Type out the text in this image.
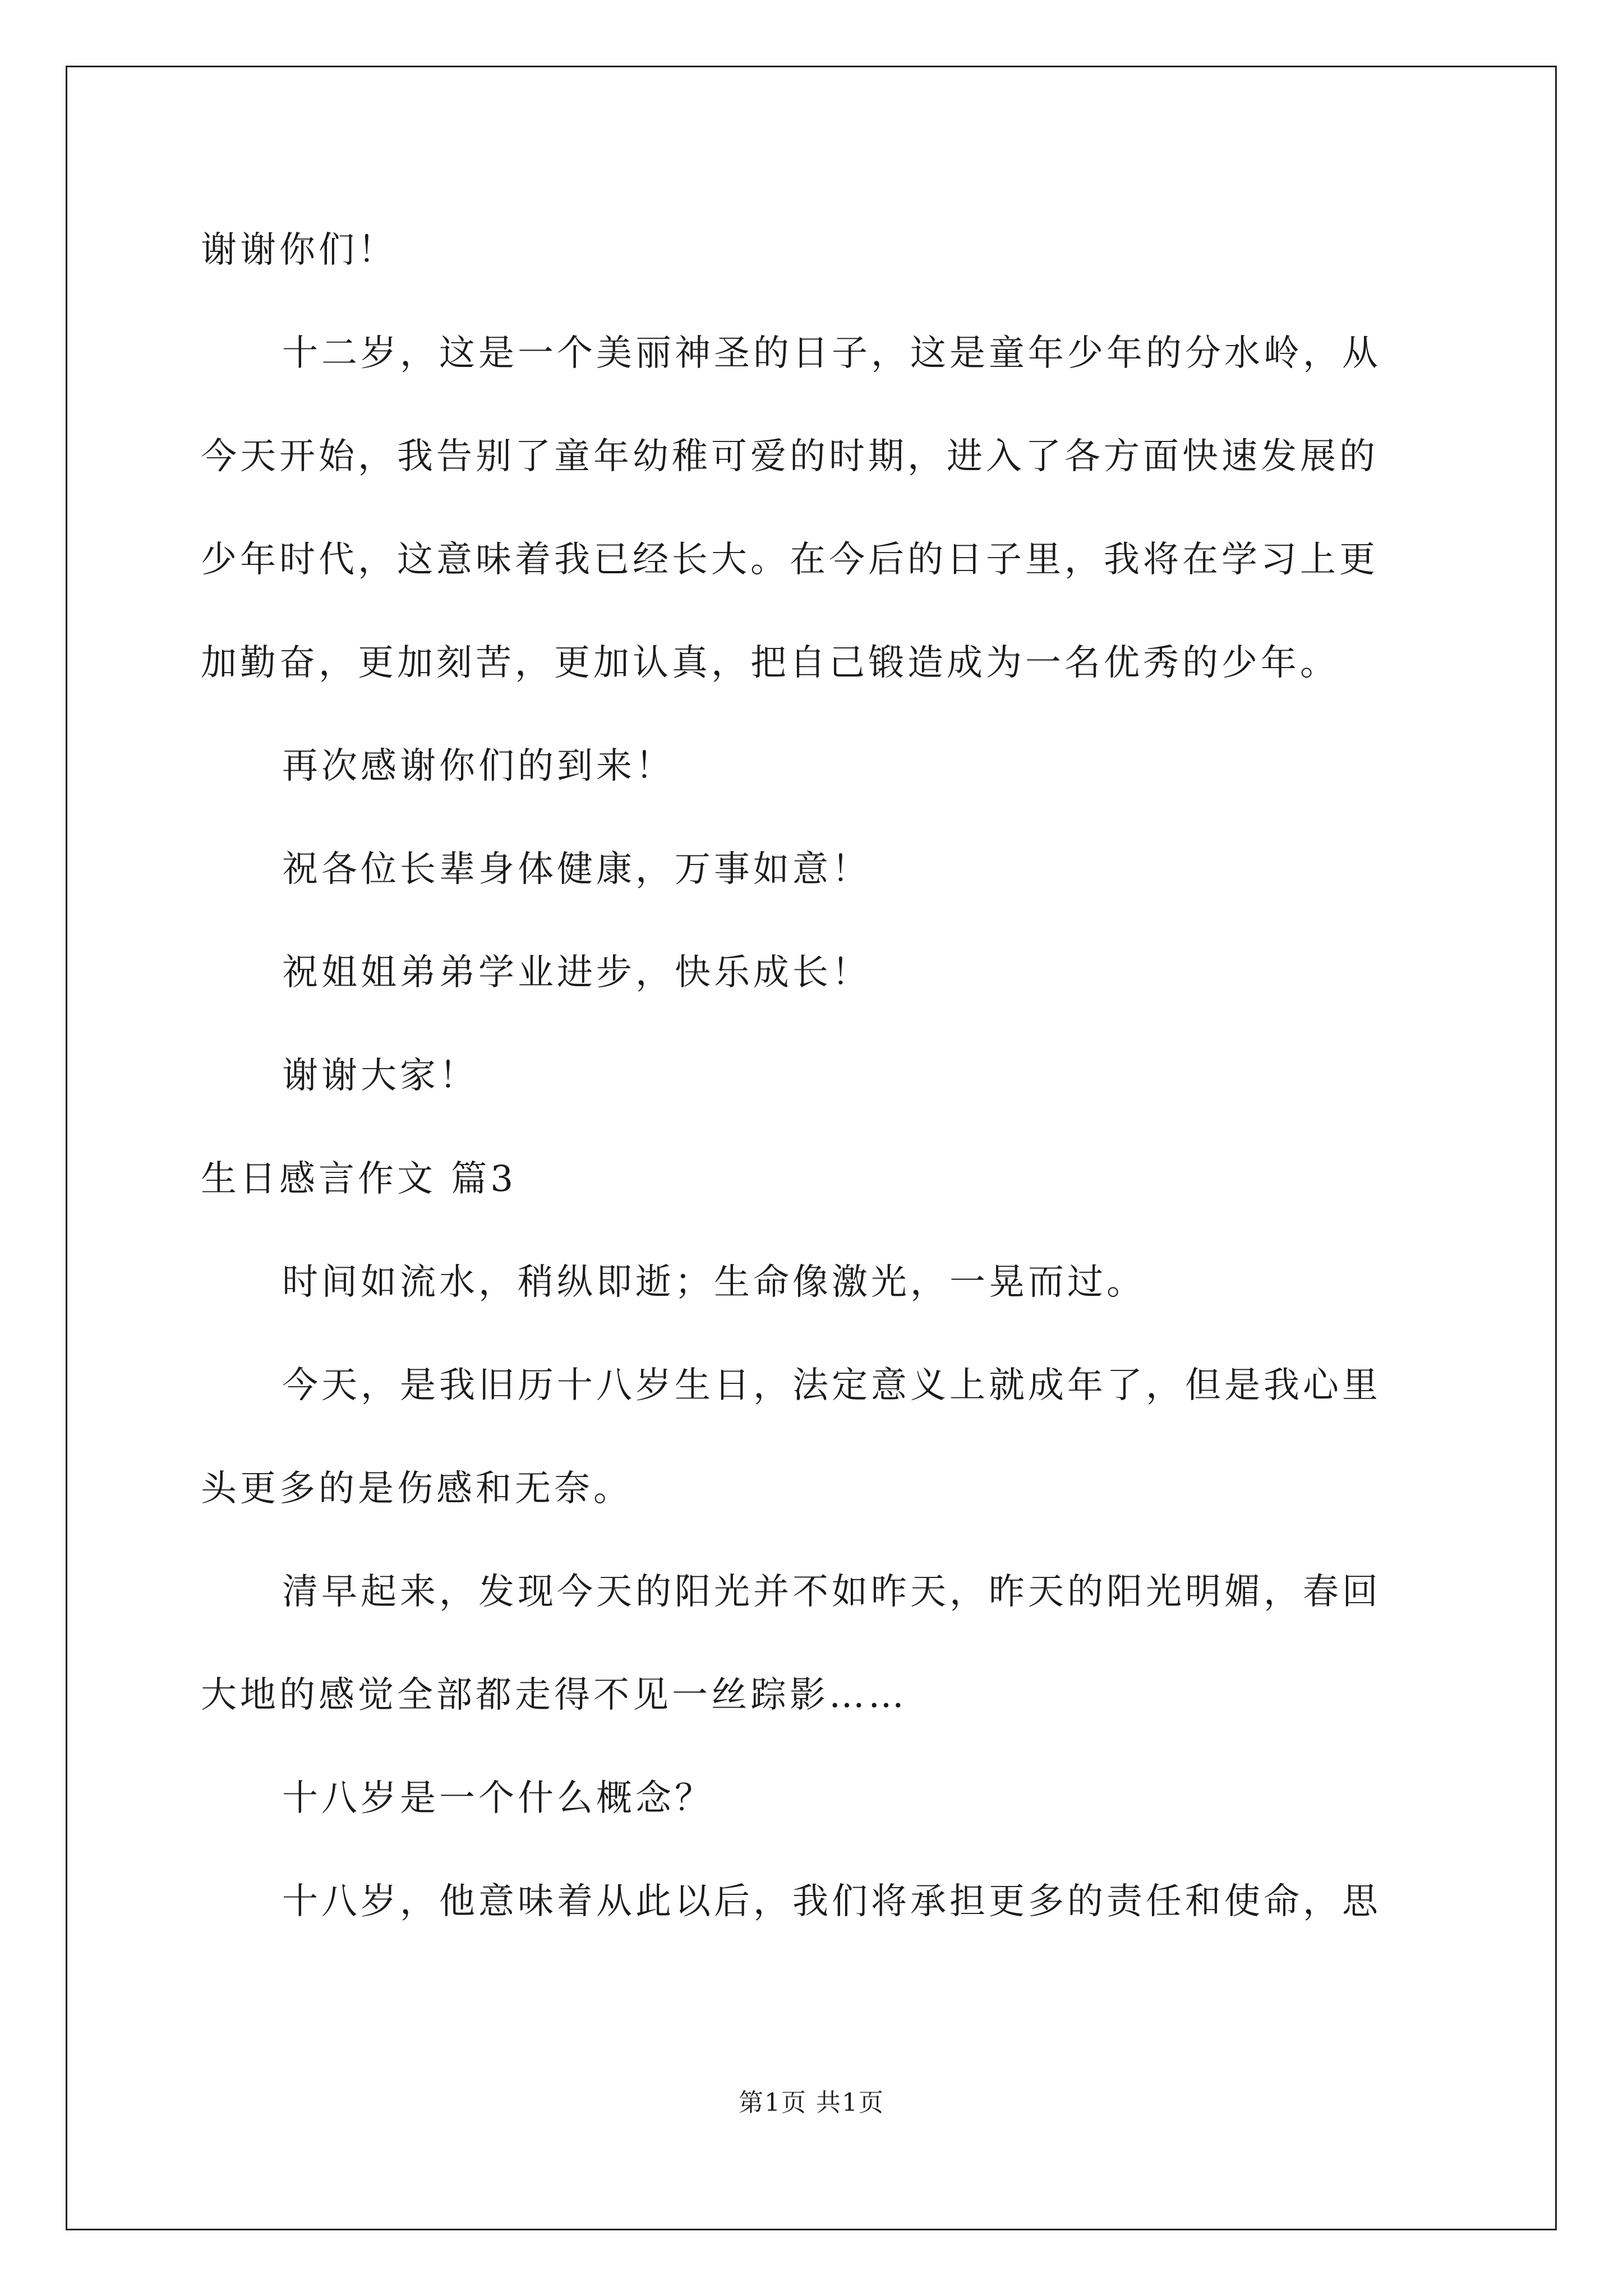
谢谢你们！
十二岁，这是一个美丽神圣的日子，这是童年少年的分水岭，从
今天开始，我告别了童年幼稚可爱的时期，进入了各方面快速发展的
少年时代，这意味着我已经长大。在今后的日子里，我将在学习上更
加勤奋，更加刻苦，更加认真，把自己锻造成为一名优秀的少年。
再次感谢你们的到来！
祝各位长辈身体健康，万事如意！
祝姐姐弟弟学业进步，快乐成长！
谢谢大家！
生日感言作文 篇3
时间如流水，稍纵即逝；生命像激光，一晃而过。
今天，是我旧历十八岁生日，法定意义上就成年了，但是我心里
头更多的是伤感和无奈。
清早起来，发现今天的阳光并不如昨天，昨天的阳光明媚，春回
大地的感觉全部都走得不见一丝踪影……
十八岁是一个什么概念？
十八岁，他意味着从此以后，我们将承担更多的责任和使命，思
第1页 共1页
